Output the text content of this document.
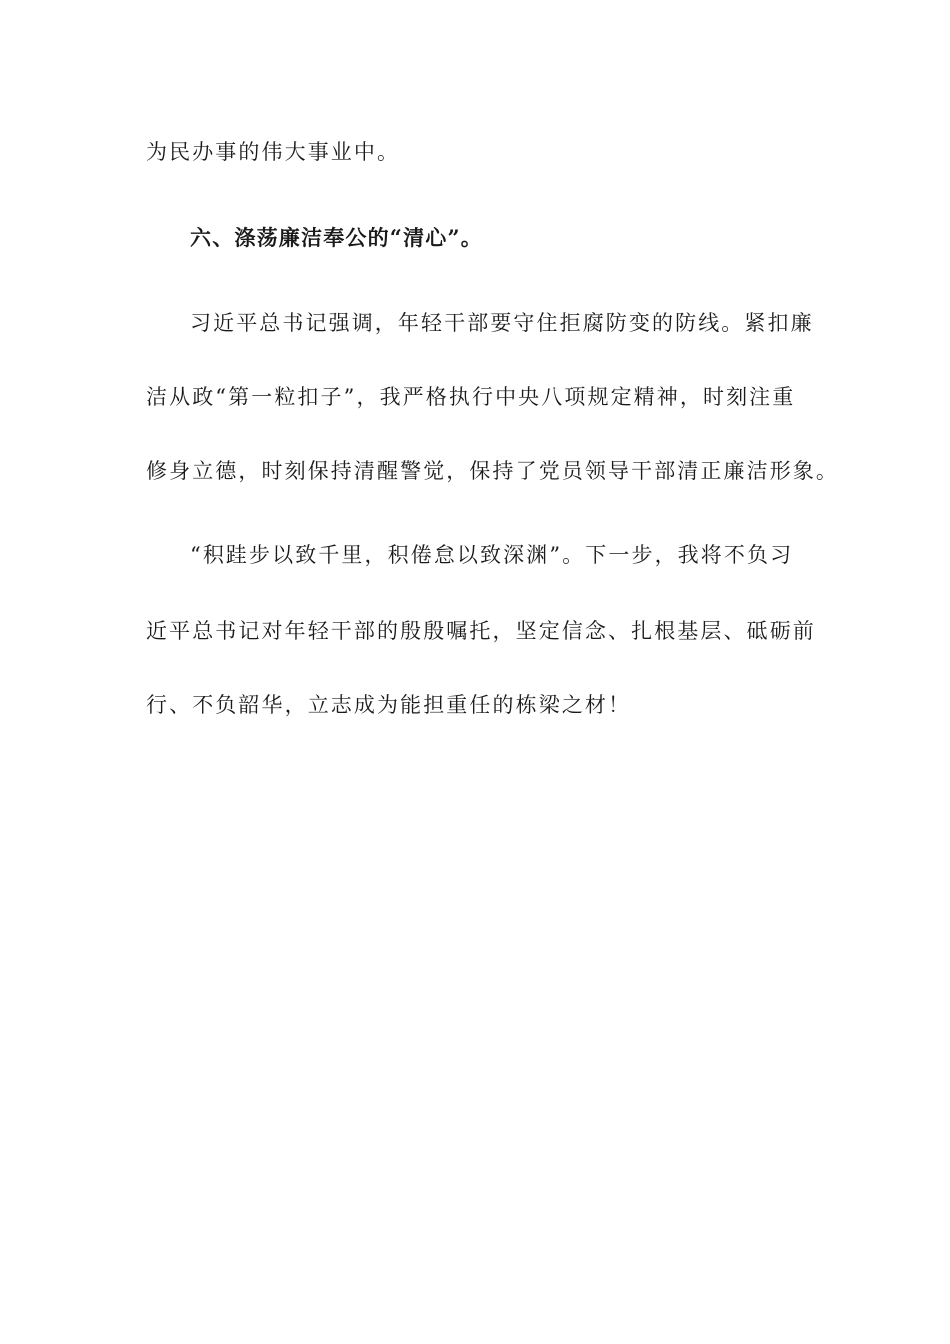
为民办事的伟大事业中。
六、涤荡廉洁奉公的“清心”。
习近平总书记强调，年轻干部要守住拒腐防变的防线。紧扣廉
洁从政“第一粒扣子”，我严格执行中央八项规定精神，时刻注重
修身立德，时刻保持清醒警觉，保持了党员领导干部清正廉洁形象。
“积跬步以致千里，积倦怠以致深渊”。下一步，我将不负习
近平总书记对年轻干部的殷殷嘱托，坚定信念、扎根基层、砥砺前
行、不负韶华，立志成为能担重任的栋梁之材！
